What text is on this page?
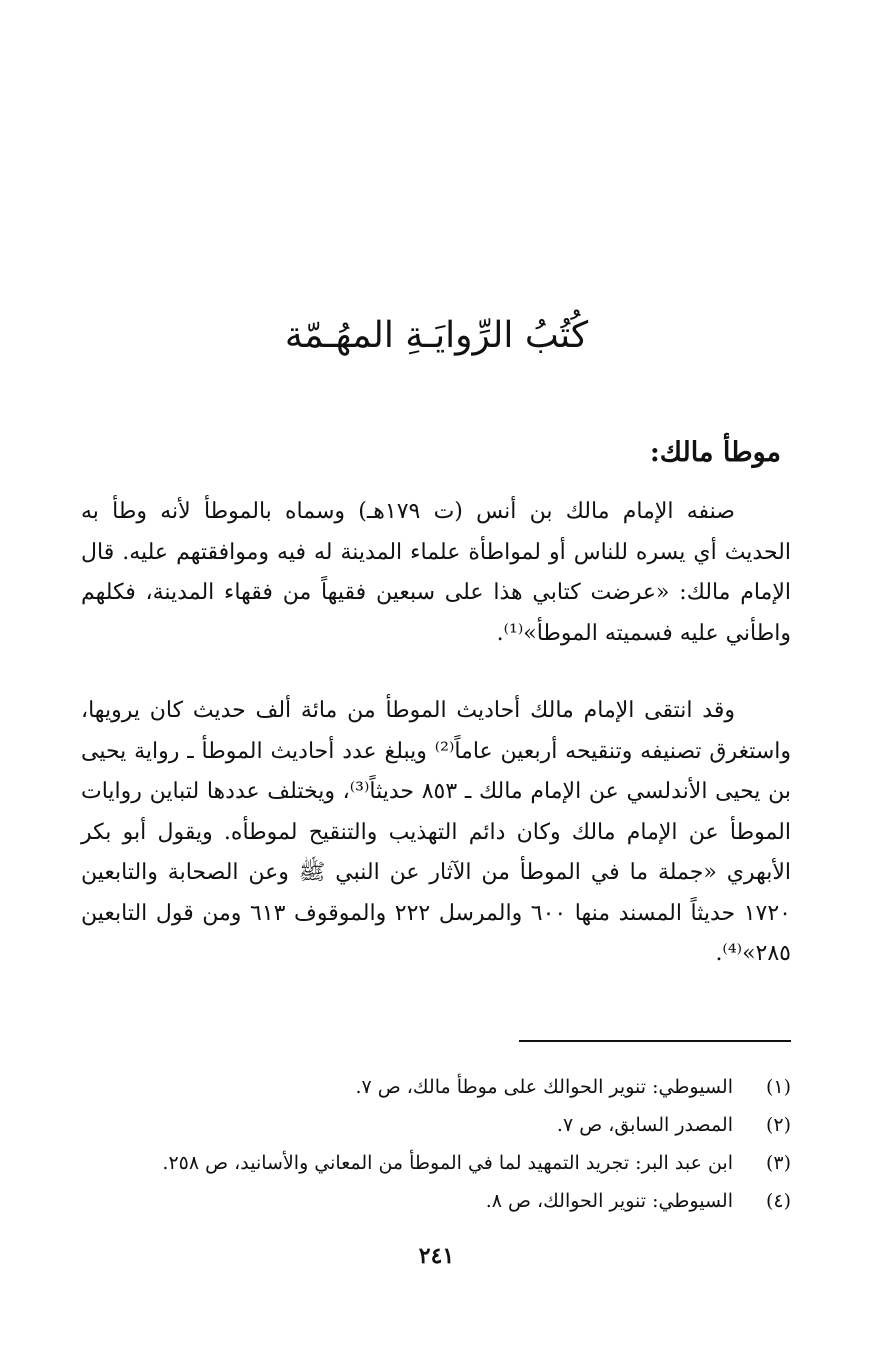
كُتُبُ الرِّوايَـةِ المهُـمّة
موطأ مالك:
صنفه الإمام مالك بن أنس (ت ١٧٩هـ) وسماه بالموطأ لأنه وطأ به الحديث أي يسره للناس أو لمواطأة علماء المدينة له فيه وموافقتهم عليه. قال الإمام مالك: «عرضت كتابي هذا على سبعين فقيهاً من فقهاء المدينة، فكلهم واطأني عليه فسميته الموطأ»⁽¹⁾.
وقد انتقى الإمام مالك أحاديث الموطأ من مائة ألف حديث كان يرويها، واستغرق تصنيفه وتنقيحه أربعين عاماً⁽²⁾ ويبلغ عدد أحاديث الموطأ ـ رواية يحيى بن يحيى الأندلسي عن الإمام مالك ـ ٨٥٣ حديثاً⁽³⁾، ويختلف عددها لتباين روايات الموطأ عن الإمام مالك وكان دائم التهذيب والتنقيح لموطأه. ويقول أبو بكر الأبهري «جملة ما في الموطأ من الآثار عن النبي ﷺ وعن الصحابة والتابعين ١٧٢٠ حديثاً المسند منها ٦٠٠ والمرسل ٢٢٢ والموقوف ٦١٣ ومن قول التابعين ٢٨٥»⁽⁴⁾.
(١)
السيوطي: تنوير الحوالك على موطأ مالك، ص ٧.
(٢)
المصدر السابق، ص ٧.
(٣)
ابن عبد البر: تجريد التمهيد لما في الموطأ من المعاني والأسانيد، ص ٢٥٨.
(٤)
السيوطي: تنوير الحوالك، ص ٨.
٢٤١
